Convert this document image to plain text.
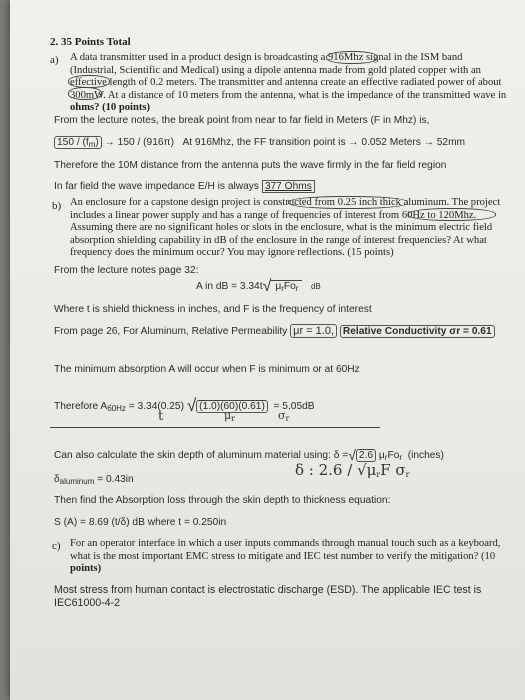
2. 35 Points Total
a) A data transmitter used in a product design is broadcasting a 916Mhz signal in the ISM band
(Industrial, Scientific and Medical) using a dipole antenna made from gold plated copper with an
effective length of 0.2 meters. The transmitter and antenna create an effective radiated power of about
300mW. At a distance of 10 meters from the antenna, what is the impedance of the transmitted wave in
ohms? (10 points)
From the lecture notes, the break point from near to far field in Meters (F in Mhz) is,
$150 / (f_m) \to 150 / (916\pi)$ At 916Mhz, the FF transition point is → 0.052 Meters → 52mm
Therefore the 10M distance from the antenna puts the wave firmly in the far field region
In far field the wave impedance E/H is always 377 Ohms
b) An enclosure for a capstone design project is constructed from 0.25 inch thick aluminum. The project
includes a linear power supply and has a range of frequencies of interest from 60Hz to 120Mhz.
Assuming there are no significant holes or slots in the enclosure, what is the minimum electric field
absorption shielding capability in dB of the enclosure in the range of interest frequencies? At what
frequency does the minimum occur? You may ignore reflections. (15 points)
From the lecture notes page 32:
A in dB = 3.34t√ $\mu_rFo_r$ dB
Where t is shield thickness in inches, and F is the frequency of interest
From page 26, For Aluminum, Relative Permeability μr = 1.0, Relative Conductivity σr = 0.61
The minimum absorption A will occur when F is minimum or at 60Hz
Therefore $A_{60Hz} = 3.34(0.25)$ √ (1.0)(60)(0.61) = 5.05dB
t	$\mu_r$	$\sigma_r$
Can also calculate the skin depth of aluminum material using: δ =√ 2.6 $\mu_rFo_r$ (inches)
δ : $2.6 / √\mu_rF$ $\sigma_r$
$\delta_{aluminum} = 0.43in$
Then find the Absorption loss through the skin depth to thickness equation:
S (A) = 8.69 (t/δ) dB where t = 0.250in
c) For an operator interface in which a user inputs commands through manual touch such as a keyboard,
what is the most important EMC stress to mitigate and IEC test number to verify the mitigation? (10
points)
Most stress from human contact is electrostatic discharge (ESD). The applicable IEC test is
IEC61000-4-2
